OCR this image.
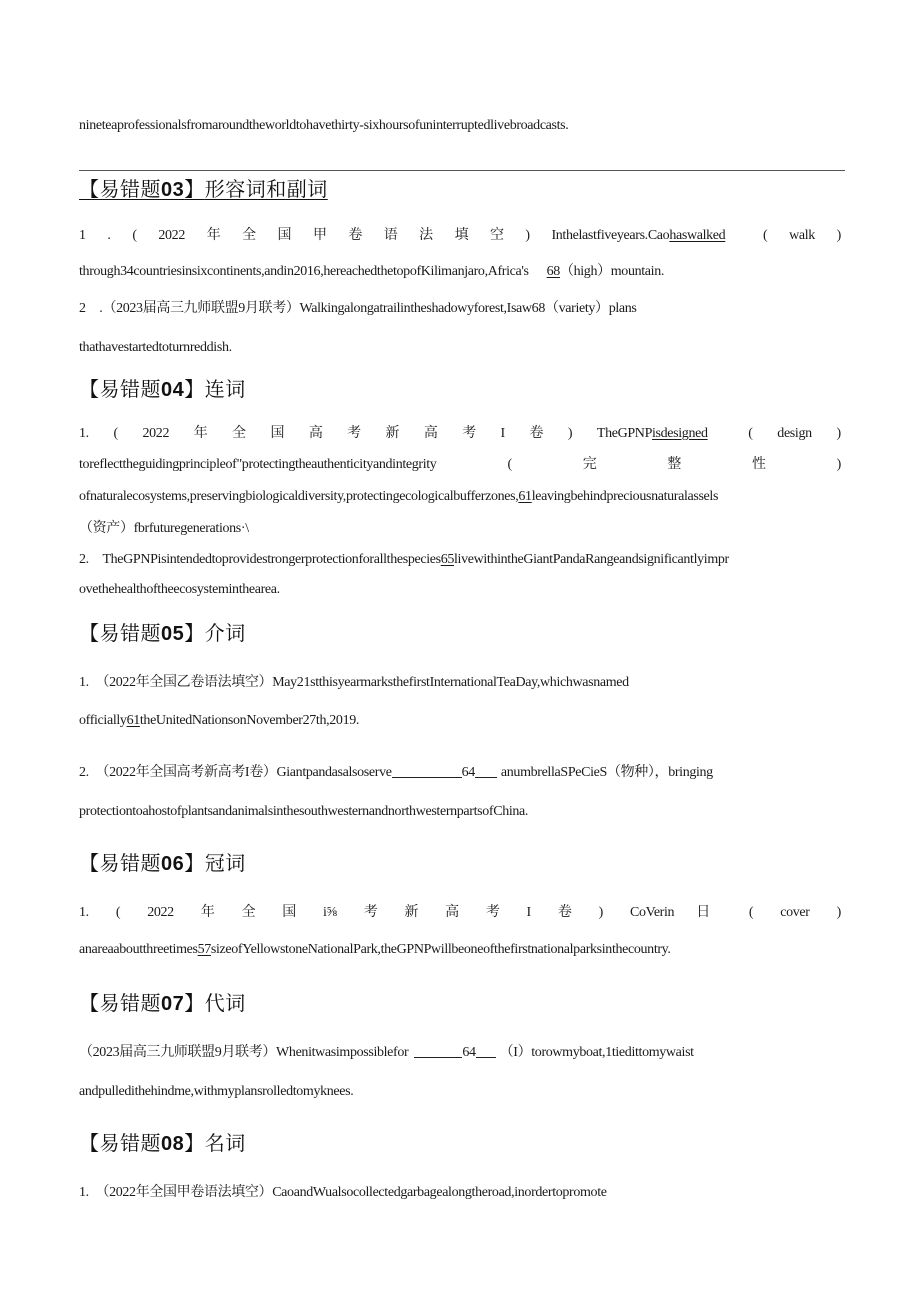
nineteaprofessionalsfromaroundtheworldtohavethirty-sixhoursofuninterruptedlivebroadcasts.
【易错题03】形容词和副词
1 . ( 2022 年 全 国 甲 卷 语 法 填 空 ) Inthelastfiveyears.Caohaswalked	( walk )
through34countriesinsixcontinents,andin2016,hereachedthetopofKilimanjaro,Africa's 68（high）mountain.
2　.（2023届高三九师联盟9月联考）Walkingalongatrailintheshadowyforest,Isaw68（variety）plans
thathavestartedtoturnreddish.
【易错题04】连词
1. ( 2022 年 全 国 高 考 新 高 考 I 卷 ) TheGPNPisdesigned	( design )
toreflecttheguidingprincipleof"protectingtheauthenticityandintegrity	(	完	整	性	)
ofnaturalecosystems,preservingbiologicaldiversity,protectingecologicalbufferzones,61leavingbehindpreciousnaturalassels
（资产）fbrfuturegenerations·\
2.　TheGPNPisintendedtoprovidestrongerprotectionforallthespecies65livewithintheGiantPandaRangeandsignificantlyimpr
ovethehealthoftheecosysteminthearea.
【易错题05】介词
1.　（2022年全国乙卷语法填空）May21stthisyearmarksthefirstInternationalTeaDay,whichwasnamed
officially61theUnitedNationsonNovember27th,2019.
2.　（2022年全国高考新高考I卷）Giantpandasalsoserve	64 anumbrellaSPeCieS（物种），bringing
protectiontoahostofplantsandanimalsinthesouthwesternandnorthwesternpartsofChina.
【易错题06】冠词
1. ( 2022 年 全 国 i⅝ 考 新 高 考 I 卷 ) CoVerin 日	( cover )
anareaaboutthreetimes57sizeofYellowstoneNationalPark,theGPNPwillbeoneofthefirstnationalparksinthecountry.
【易错题07】代词
（2023届高三九师联盟9月联考）Whenitwasimpossiblefor	64 （I）torowmyboat,1tiedittomywaist
andpulledithehindme,withmyplansrolledtomyknees.
【易错题08】名词
1.　（2022年全国甲卷语法填空）CaoandWualsocollectedgarbagealongtheroad,inordertopromote
